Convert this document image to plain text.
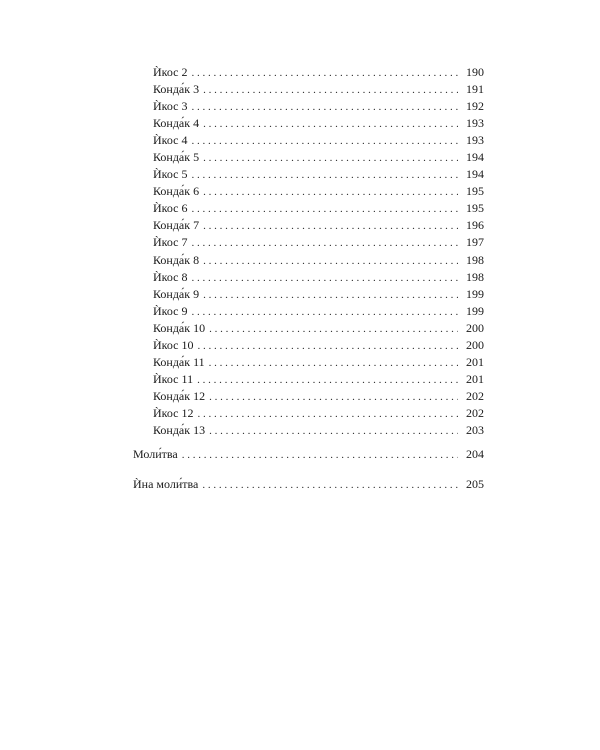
Ѝкос 2 . . .	190
Конда́к 3 . . .	191
Ѝкос 3 . . .	192
Конда́к 4 . . .	193
Ѝкос 4 . . .	193
Конда́к 5 . . .	194
Ѝкос 5 . . .	194
Конда́к 6 . . .	195
Ѝкос 6 . . .	195
Конда́к 7 . . .	196
Ѝкос 7 . . .	197
Конда́к 8 . . .	198
Ѝкос 8 . . .	198
Конда́к 9 . . .	199
Ѝкос 9 . . .	199
Конда́к 10 . . .	200
Ѝкос 10 . . .	200
Конда́к 11 . . .	201
Ѝкос 11 . . .	201
Конда́к 12 . . .	202
Ѝкос 12 . . .	202
Конда́к 13 . . .	203
Моли́тва . . .	204
Ѝна моли́тва . . .	205
